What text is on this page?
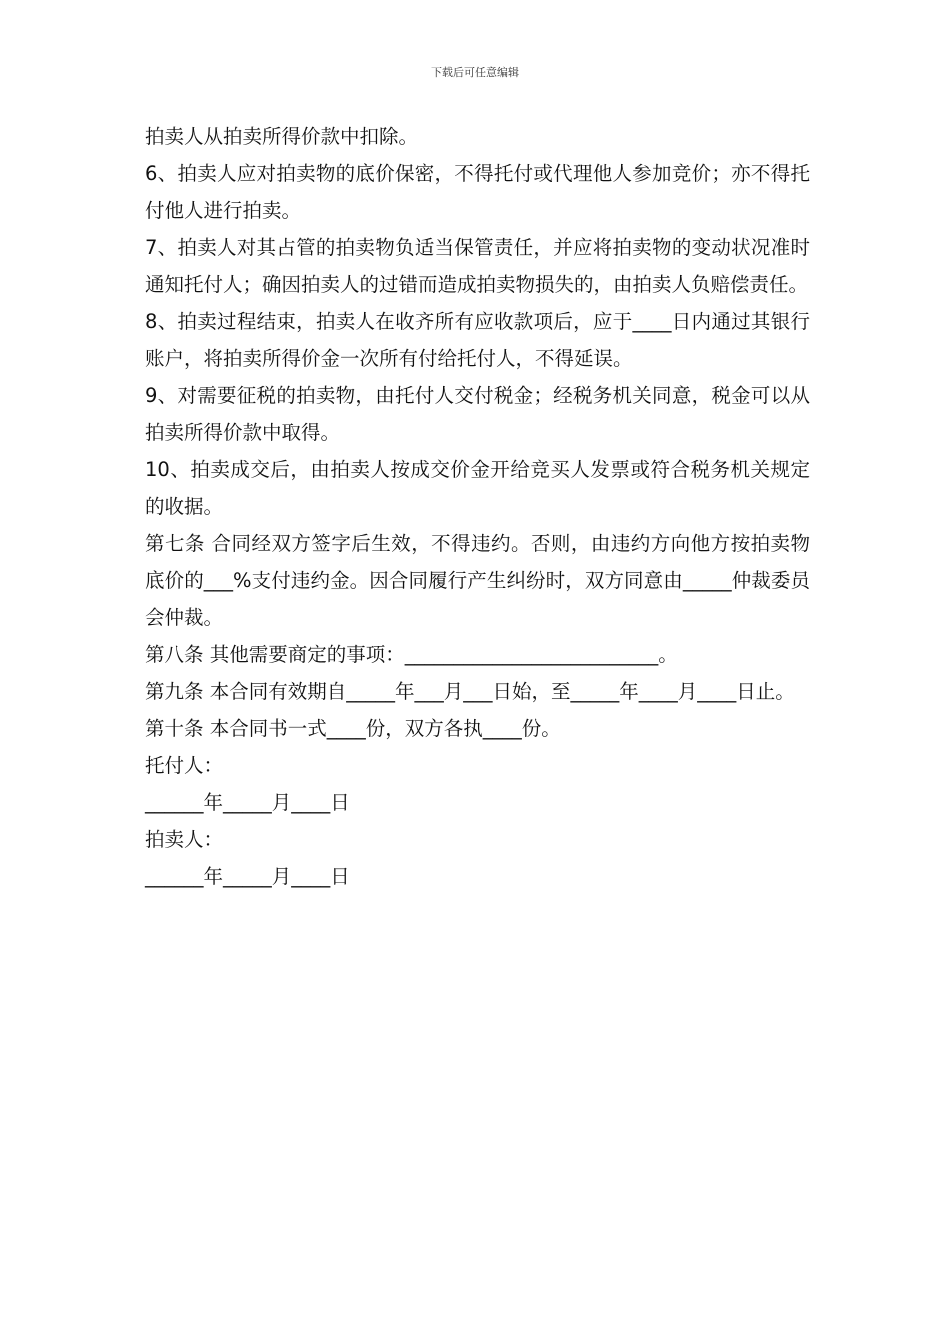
下载后可任意编辑

拍卖人从拍卖所得价款中扣除。

6、拍卖人应对拍卖物的底价保密，不得托付或代理他人参加竞价；亦不得托付他人进行拍卖。

7、拍卖人对其占管的拍卖物负适当保管责任，并应将拍卖物的变动状况准时通知托付人；确因拍卖人的过错而造成拍卖物损失的，由拍卖人负赔偿责任。

8、拍卖过程结束，拍卖人在收齐所有应收款项后，应于____日内通过其银行账户，将拍卖所得价金一次所有付给托付人，不得延误。

9、对需要征税的拍卖物，由托付人交付税金；经税务机关同意，税金可以从拍卖所得价款中取得。

10、拍卖成交后，由拍卖人按成交价金开给竞买人发票或符合税务机关规定的收据。

第七条 合同经双方签字后生效，不得违约。否则，由违约方向他方按拍卖物底价的___%支付违约金。因合同履行产生纠纷时，双方同意由_____仲裁委员会仲裁。

第八条 其他需要商定的事项：__________________________。

第九条 本合同有效期自_____年___月___日始，至_____年____月____日止。

第十条 本合同书一式____份，双方各执____份。

托付人：

______年_____月____日

拍卖人：

______年_____月____日
